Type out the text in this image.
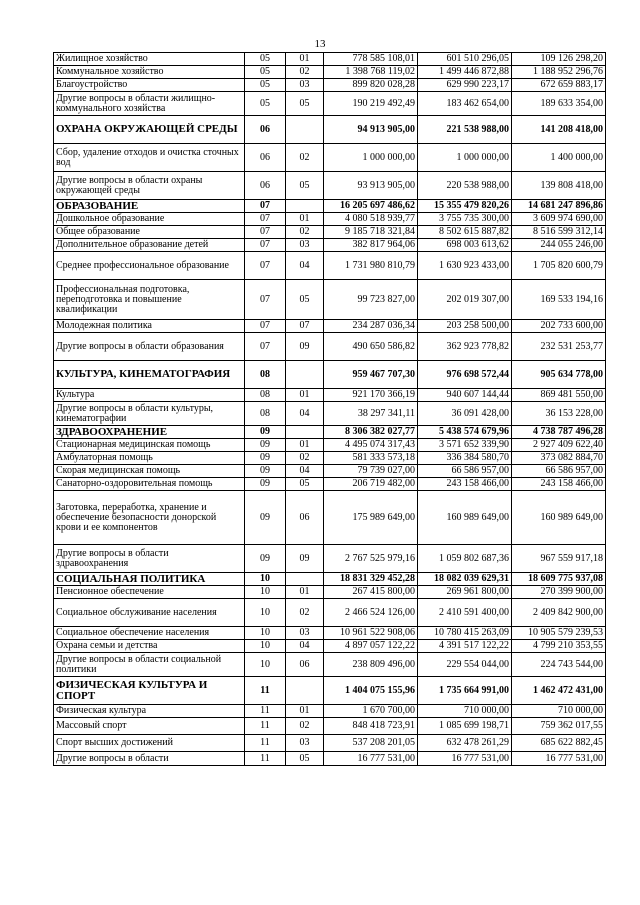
13
Жилищное хозяйство	05	01	778 585 108,01	601 510 296,05	109 126 298,20
Коммунальное хозяйство	05	02	1 398 768 119,02	1 499 446 872,88	1 188 952 296,76
Благоустройство	05	03	899 820 028,28	629 990 223,17	672 659 883,17
Другие вопросы в области жилищно-коммунального хозяйства	05	05	190 219 492,49	183 462 654,00	189 633 354,00
ОХРАНА ОКРУЖАЮЩЕЙ СРЕДЫ	06		94 913 905,00	221 538 988,00	141 208 418,00
Сбор, удаление отходов и очистка сточных вод	06	02	1 000 000,00	1 000 000,00	1 400 000,00
Другие вопросы в области охраны окружающей среды	06	05	93 913 905,00	220 538 988,00	139 808 418,00
ОБРАЗОВАНИЕ	07		16 205 697 486,62	15 355 479 820,26	14 681 247 896,86
Дошкольное образование	07	01	4 080 518 939,77	3 755 735 300,00	3 609 974 690,00
Общее образование	07	02	9 185 718 321,84	8 502 615 887,82	8 516 599 312,14
Дополнительное образование детей	07	03	382 817 964,06	698 003 613,62	244 055 246,00
Среднее профессиональное образование	07	04	1 731 980 810,79	1 630 923 433,00	1 705 820 600,79
Профессиональная подготовка, переподготовка и повышение квалификации	07	05	99 723 827,00	202 019 307,00	169 533 194,16
Молодежная политика	07	07	234 287 036,34	203 258 500,00	202 733 600,00
Другие вопросы в области образования	07	09	490 650 586,82	362 923 778,82	232 531 253,77
КУЛЬТУРА, КИНЕМАТОГРАФИЯ	08		959 467 707,30	976 698 572,44	905 634 778,00
Культура	08	01	921 170 366,19	940 607 144,44	869 481 550,00
Другие вопросы в области культуры, кинематографии	08	04	38 297 341,11	36 091 428,00	36 153 228,00
ЗДРАВООХРАНЕНИЕ	09		8 306 382 027,77	5 438 574 679,96	4 738 787 496,28
Стационарная медицинская помощь	09	01	4 495 074 317,43	3 571 652 339,90	2 927 409 622,40
Амбулаторная помощь	09	02	581 333 573,18	336 384 580,70	373 082 884,70
Скорая медицинская помощь	09	04	79 739 027,00	66 586 957,00	66 586 957,00
Санаторно-оздоровительная помощь	09	05	206 719 482,00	243 158 466,00	243 158 466,00
Заготовка, переработка, хранение и обеспечение безопасности донорской крови и ее компонентов	09	06	175 989 649,00	160 989 649,00	160 989 649,00
Другие вопросы в области здравоохранения	09	09	2 767 525 979,16	1 059 802 687,36	967 559 917,18
СОЦИАЛЬНАЯ ПОЛИТИКА	10		18 831 329 452,28	18 082 039 629,31	18 609 775 937,08
Пенсионное обеспечение	10	01	267 415 800,00	269 961 800,00	270 399 900,00
Социальное обслуживание населения	10	02	2 466 524 126,00	2 410 591 400,00	2 409 842 900,00
Социальное обеспечение населения	10	03	10 961 522 908,06	10 780 415 263,09	10 905 579 239,53
Охрана семьи и детства	10	04	4 897 057 122,22	4 391 517 122,22	4 799 210 353,55
Другие вопросы в области социальной политики	10	06	238 809 496,00	229 554 044,00	224 743 544,00
ФИЗИЧЕСКАЯ КУЛЬТУРА И СПОРТ	11		1 404 075 155,96	1 735 664 991,00	1 462 472 431,00
Физическая культура	11	01	1 670 700,00	710 000,00	710 000,00
Массовый спорт	11	02	848 418 723,91	1 085 699 198,71	759 362 017,55
Спорт высших достижений	11	03	537 208 201,05	632 478 261,29	685 622 882,45
Другие вопросы в области	11	05	16 777 531,00	16 777 531,00	16 777 531,00
